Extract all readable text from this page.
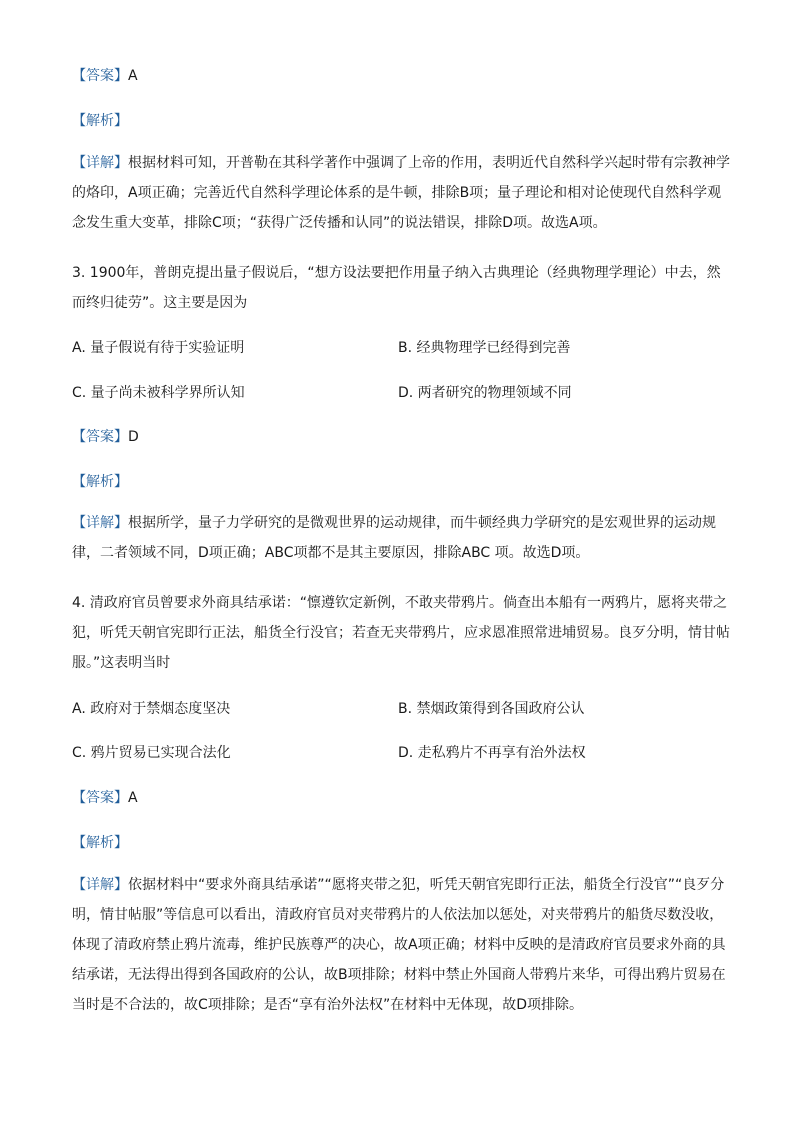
【答案】A
【解析】

【详解】根据材料可知，开普勒在其科学著作中强调了上帝的作用，表明近代自然科学兴起时带有宗教神学的烙印，A项正确；完善近代自然科学理论体系的是牛顿，排除B项；量子理论和相对论使现代自然科学观念发生重大变革，排除C项；“获得广泛传播和认同”的说法错误，排除D项。故选A项。

3. 1900年，普朗克提出量子假说后，“想方设法要把作用量子纳入古典理论（经典物理学理论）中去，然而终归徒劳”。这主要是因为

A. 量子假说有待于实验证明	B. 经典物理学已经得到完善
C. 量子尚未被科学界所认知	D. 两者研究的物理领域不同
【答案】D
【解析】

【详解】根据所学，量子力学研究的是微观世界的运动规律，而牛顿经典力学研究的是宏观世界的运动规律，二者领域不同，D项正确；ABC项都不是其主要原因，排除ABC 项。故选D项。

4. 清政府官员曾要求外商具结承诺：“懔遵钦定新例，不敢夹带鸦片。倘查出本船有一两鸦片，愿将夹带之犯，听凭天朝官宪即行正法，船货全行没官；若查无夹带鸦片，应求恩准照常进埔贸易。良歹分明，情甘帖服。”这表明当时

A. 政府对于禁烟态度坚决	B. 禁烟政策得到各国政府公认
C. 鸦片贸易已实现合法化	D. 走私鸦片不再享有治外法权
【答案】A
【解析】

【详解】依据材料中“要求外商具结承诺”“愿将夹带之犯，听凭天朝官宪即行正法，船货全行没官”“良歹分明，情甘帖服”等信息可以看出，清政府官员对夹带鸦片的人依法加以惩处，对夹带鸦片的船货尽数没收，体现了清政府禁止鸦片流毒，维护民族尊严的决心，故A项正确；材料中反映的是清政府官员要求外商的具结承诺，无法得出得到各国政府的公认，故B项排除；材料中禁止外国商人带鸦片来华，可得出鸦片贸易在当时是不合法的，故C项排除；是否“享有治外法权”在材料中无体现，故D项排除。
